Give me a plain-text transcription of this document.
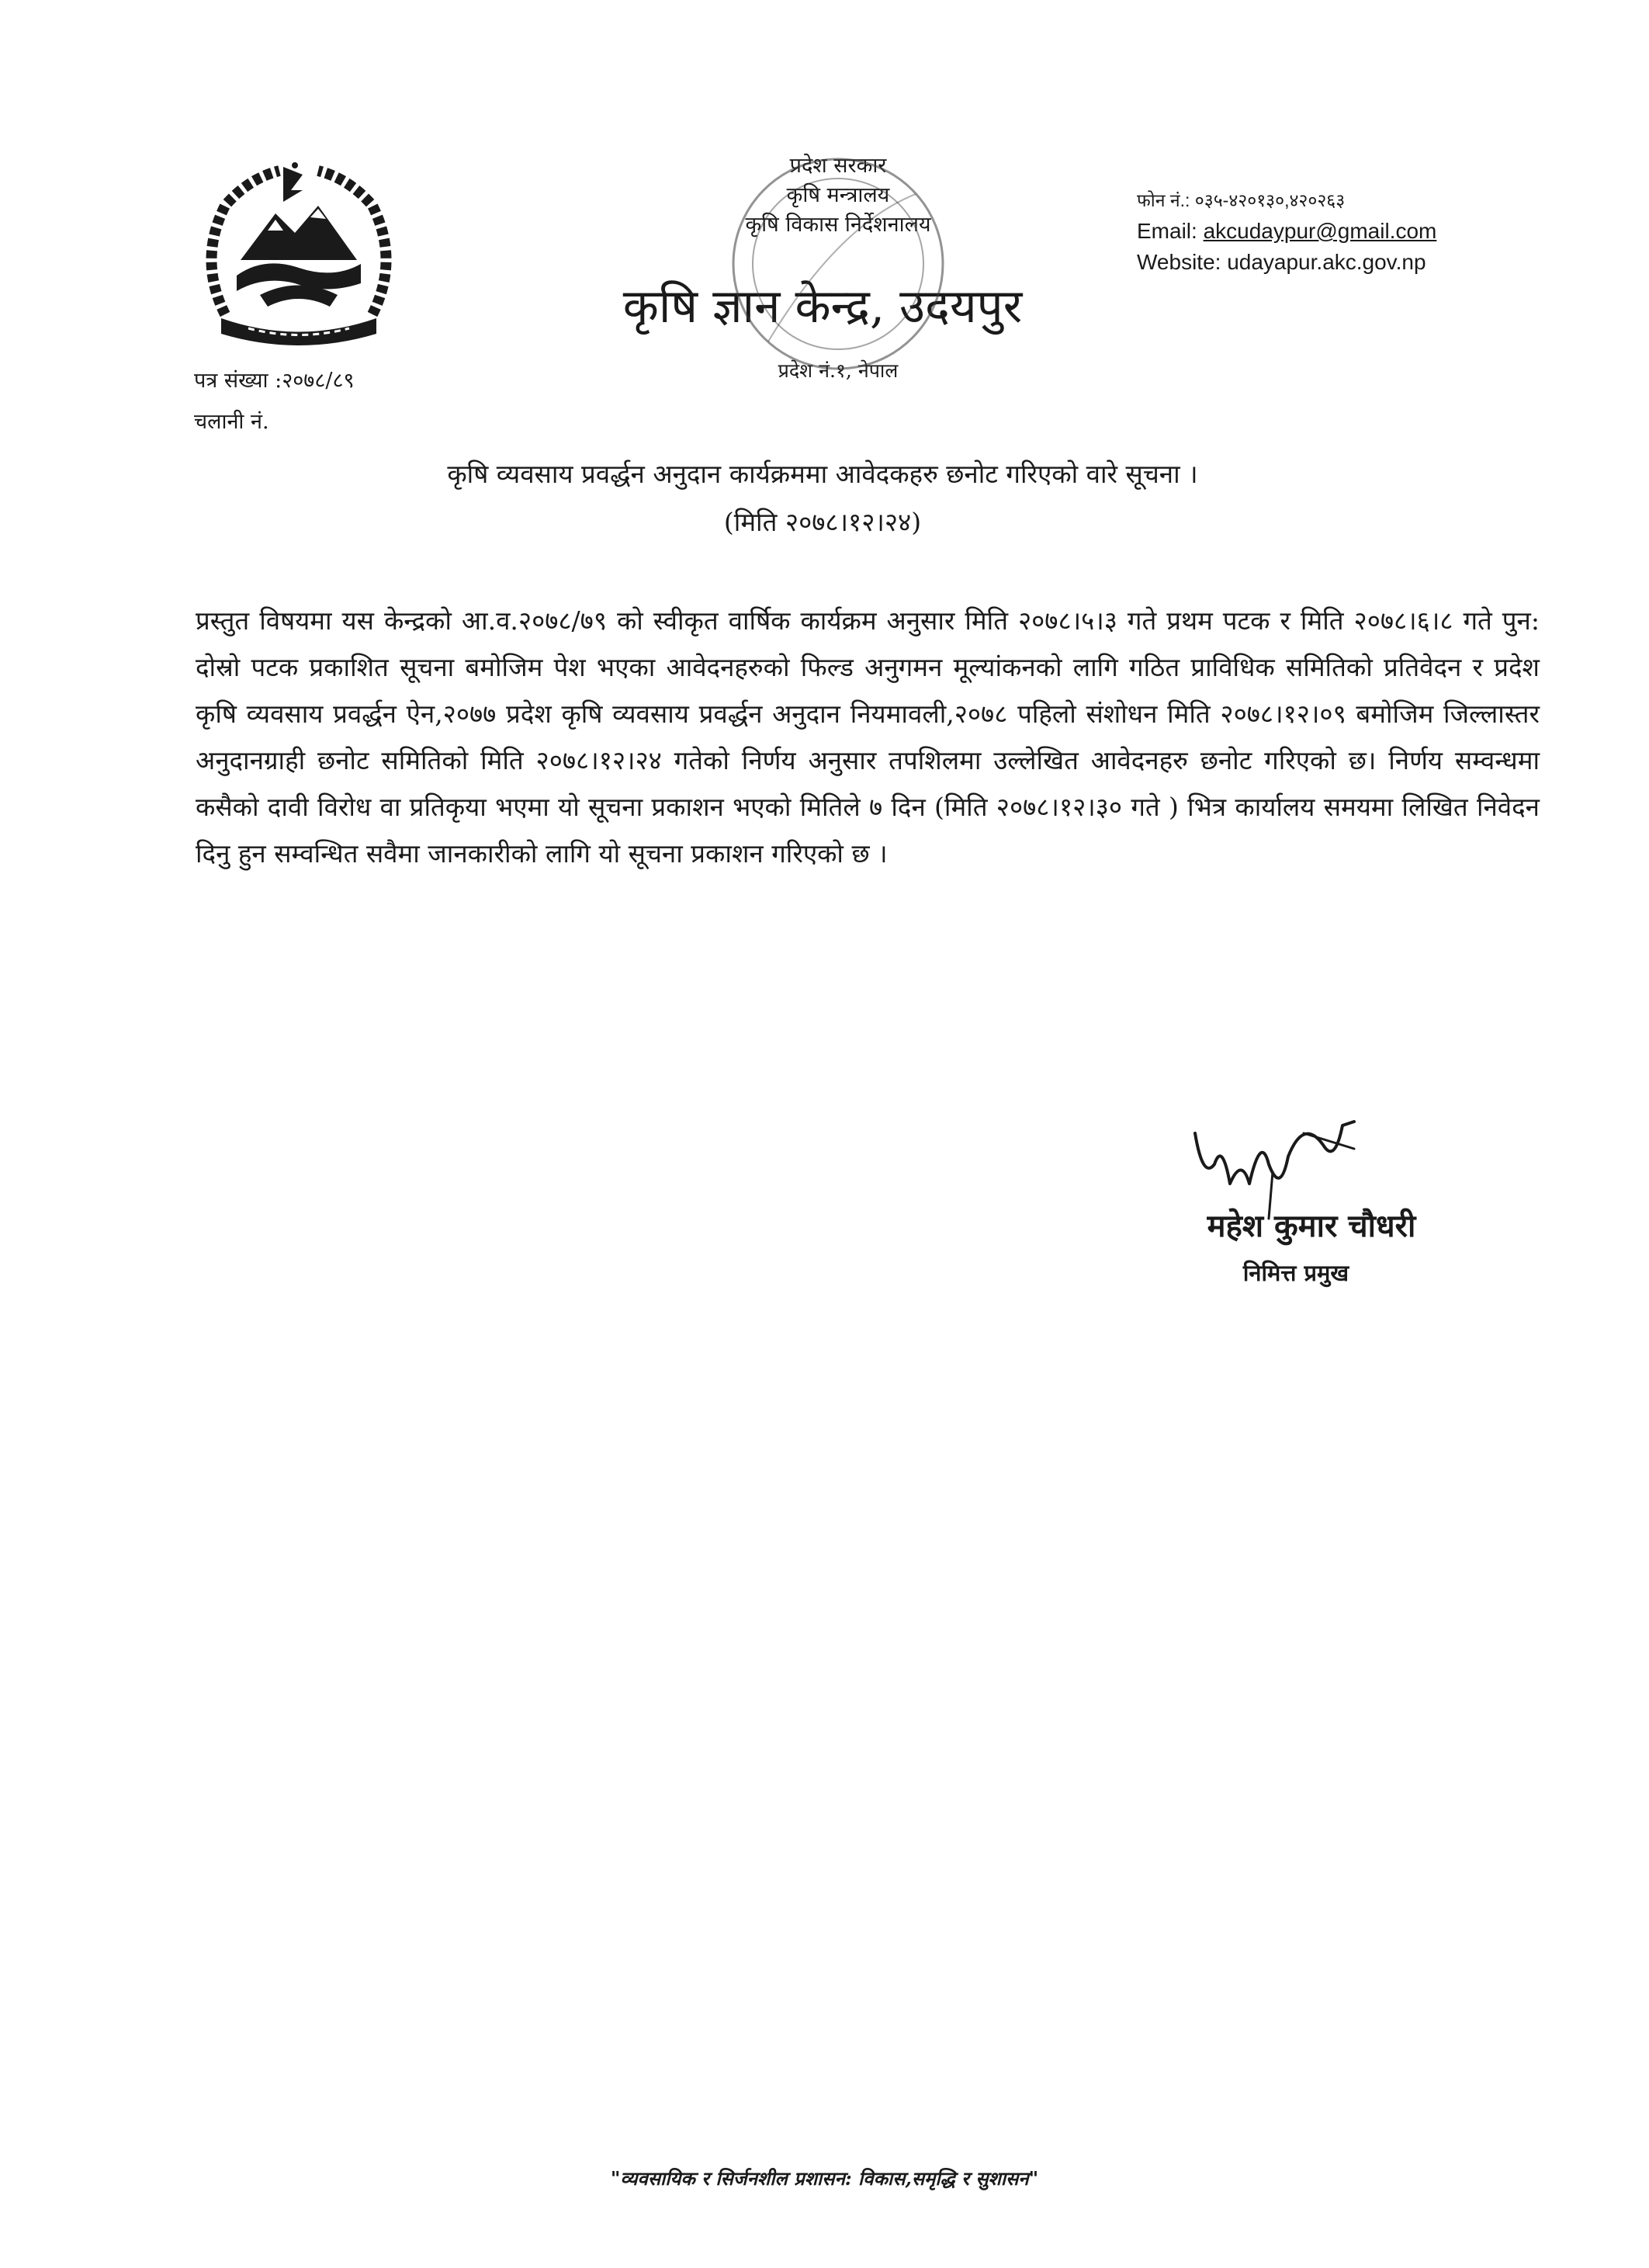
प्रदेश सरकार
कृषि मन्त्रालय
कृषि विकास निर्देशनालय
कृषि ज्ञान केन्द्र, उदयपुर
प्रदेश नं.१, नेपाल
फोन नं.: ०३५-४२०१३०,४२०२६३
Email: akcudaypur@gmail.com
Website: udayapur.akc.gov.np
पत्र संख्या :२०७८/८९
चलानी नं.
कृषि व्यवसाय प्रवर्द्धन अनुदान कार्यक्रममा आवेदकहरु छनोट गरिएको वारे सूचना ।
(मिति २०७८।१२।२४)
प्रस्तुत विषयमा यस केन्द्रको आ.व.२०७८/७९ को स्वीकृत वार्षिक कार्यक्रम अनुसार मिति २०७८।५।३ गते प्रथम पटक र मिति २०७८।६।८ गते पुन: दोस्रो पटक प्रकाशित सूचना बमोजिम पेश भएका आवेदनहरुको फिल्ड अनुगमन मूल्यांकनको लागि गठित प्राविधिक समितिको प्रतिवेदन र प्रदेश कृषि व्यवसाय प्रवर्द्धन ऐन,२०७७ प्रदेश कृषि व्यवसाय प्रवर्द्धन अनुदान नियमावली,२०७८ पहिलो संशोधन मिति २०७८।१२।०९ बमोजिम जिल्लास्तर अनुदानग्राही छनोट समितिको मिति २०७८।१२।२४ गतेको निर्णय अनुसार तपशिलमा उल्लेखित आवेदनहरु छनोट गरिएको छ। निर्णय सम्वन्धमा कसैको दावी विरोध वा प्रतिकृया भएमा यो सूचना प्रकाशन भएको मितिले ७ दिन (मिति २०७८।१२।३० गते ) भित्र कार्यालय समयमा लिखित निवेदन दिनु हुन सम्वन्धित सवैमा जानकारीको लागि यो सूचना प्रकाशन गरिएको छ ।
महेश कुमार चौधरी
निमित्त प्रमुख
"व्यवसायिक र सिर्जनशील प्रशासन: विकास,समृद्धि र सुशासन"
